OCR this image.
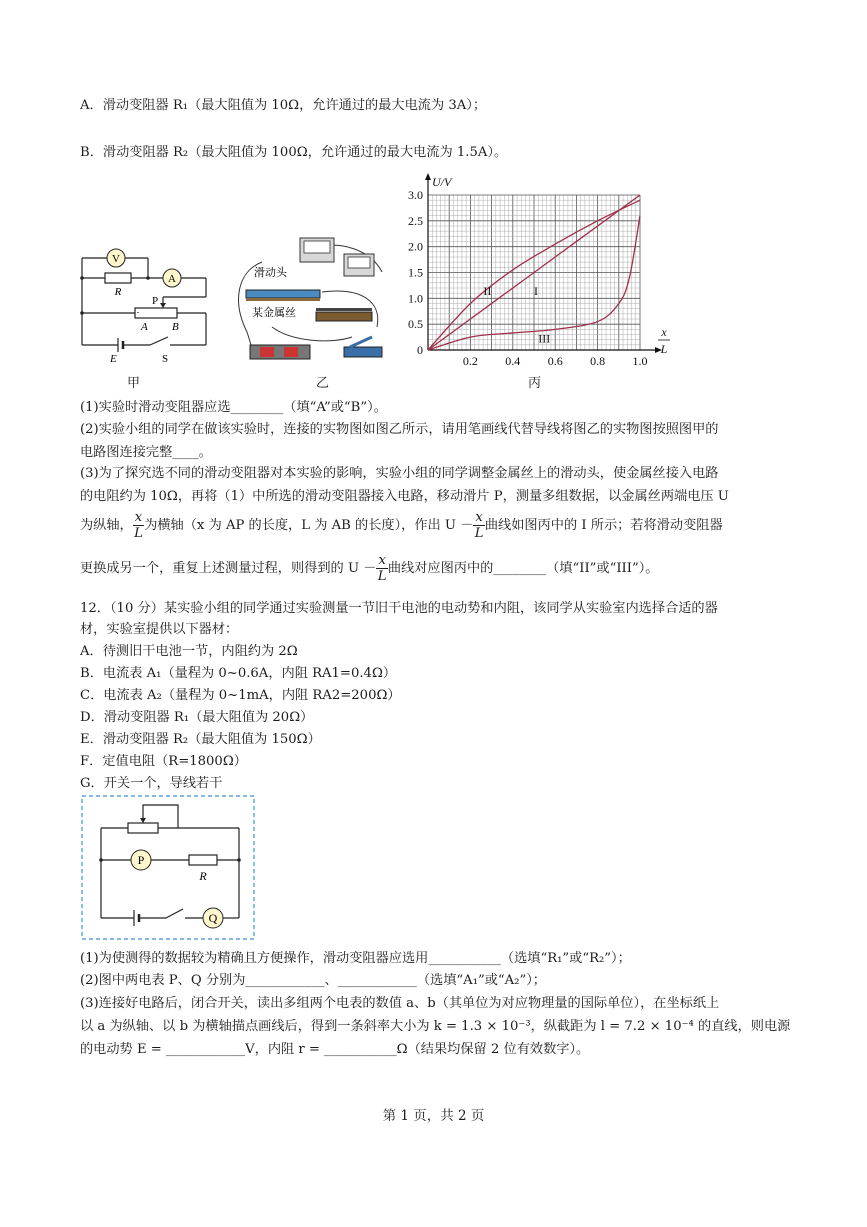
A．滑动变阻器 R₁（最大阻值为 10Ω，允许通过的最大电流为 3A）；
B．滑动变阻器 R₂（最大阻值为 100Ω，允许通过的最大电流为 1.5A）。
V
A
R
P
A B
E	S
甲
滑动头
某金属丝
乙
3.0
2.5
2.0
1.5
1.0
0.5
0
0.2 0.4 0.6 0.8 1.0
U/V
x
L
I
II
III
丙
(1)实验时滑动变阻器应选________（填“A”或“B”）。
(2)实验小组的同学在做该实验时，连接的实物图如图乙所示，请用笔画线代替导线将图乙的实物图按照图甲的
电路图连接完整____。
(3)为了探究选不同的滑动变阻器对本实验的影响，实验小组的同学调整金属丝上的滑动头，使金属丝接入电路
的电阻约为 10Ω，再将（1）中所选的滑动变阻器接入电路，移动滑片 P，测量多组数据，以金属丝两端电压 U
为纵轴， $\frac{x}{L}$ 为横轴（x 为 AP 的长度，L 为 AB 的长度），作出 $U - \frac{x}{L}$ 曲线如图丙中的 I 所示；若将滑动变阻器
更换成另一个，重复上述测量过程，则得到的 $U - \frac{x}{L}$ 曲线对应图丙中的________（填“II”或“III”）。
12．（10 分）某实验小组的同学通过实验测量一节旧干电池的电动势和内阻，该同学从实验室内选择合适的器
材，实验室提供以下器材：
A．待测旧干电池一节，内阻约为 2Ω
B．电流表 A₁（量程为 0~0.6A，内阻 RA1=0.4Ω）
C．电流表 A₂（量程为 0~1mA，内阻 RA2=200Ω）
D．滑动变阻器 R₁（最大阻值为 20Ω）
E．滑动变阻器 R₂（最大阻值为 150Ω）
F．定值电阻（R=1800Ω）
G．开关一个，导线若干
P
Q
R
(1)为使测得的数据较为精确且方便操作，滑动变阻器应选用___________（选填“R₁”或“R₂”）；
(2)图中两电表 P、Q 分别为____________、____________（选填“A₁”或“A₂”）；
(3)连接好电路后，闭合开关，读出多组两个电表的数值 a、b（其单位为对应物理量的国际单位），在坐标纸上
以 a 为纵轴、以 b 为横轴描点画线后，得到一条斜率大小为 k = 1.3 × 10⁻³，纵截距为 l = 7.2 × 10⁻⁴ 的直线，则电源
的电动势 E = ____________V，内阻 r = ___________Ω（结果均保留 2 位有效数字）。
第 1 页，共 2 页
